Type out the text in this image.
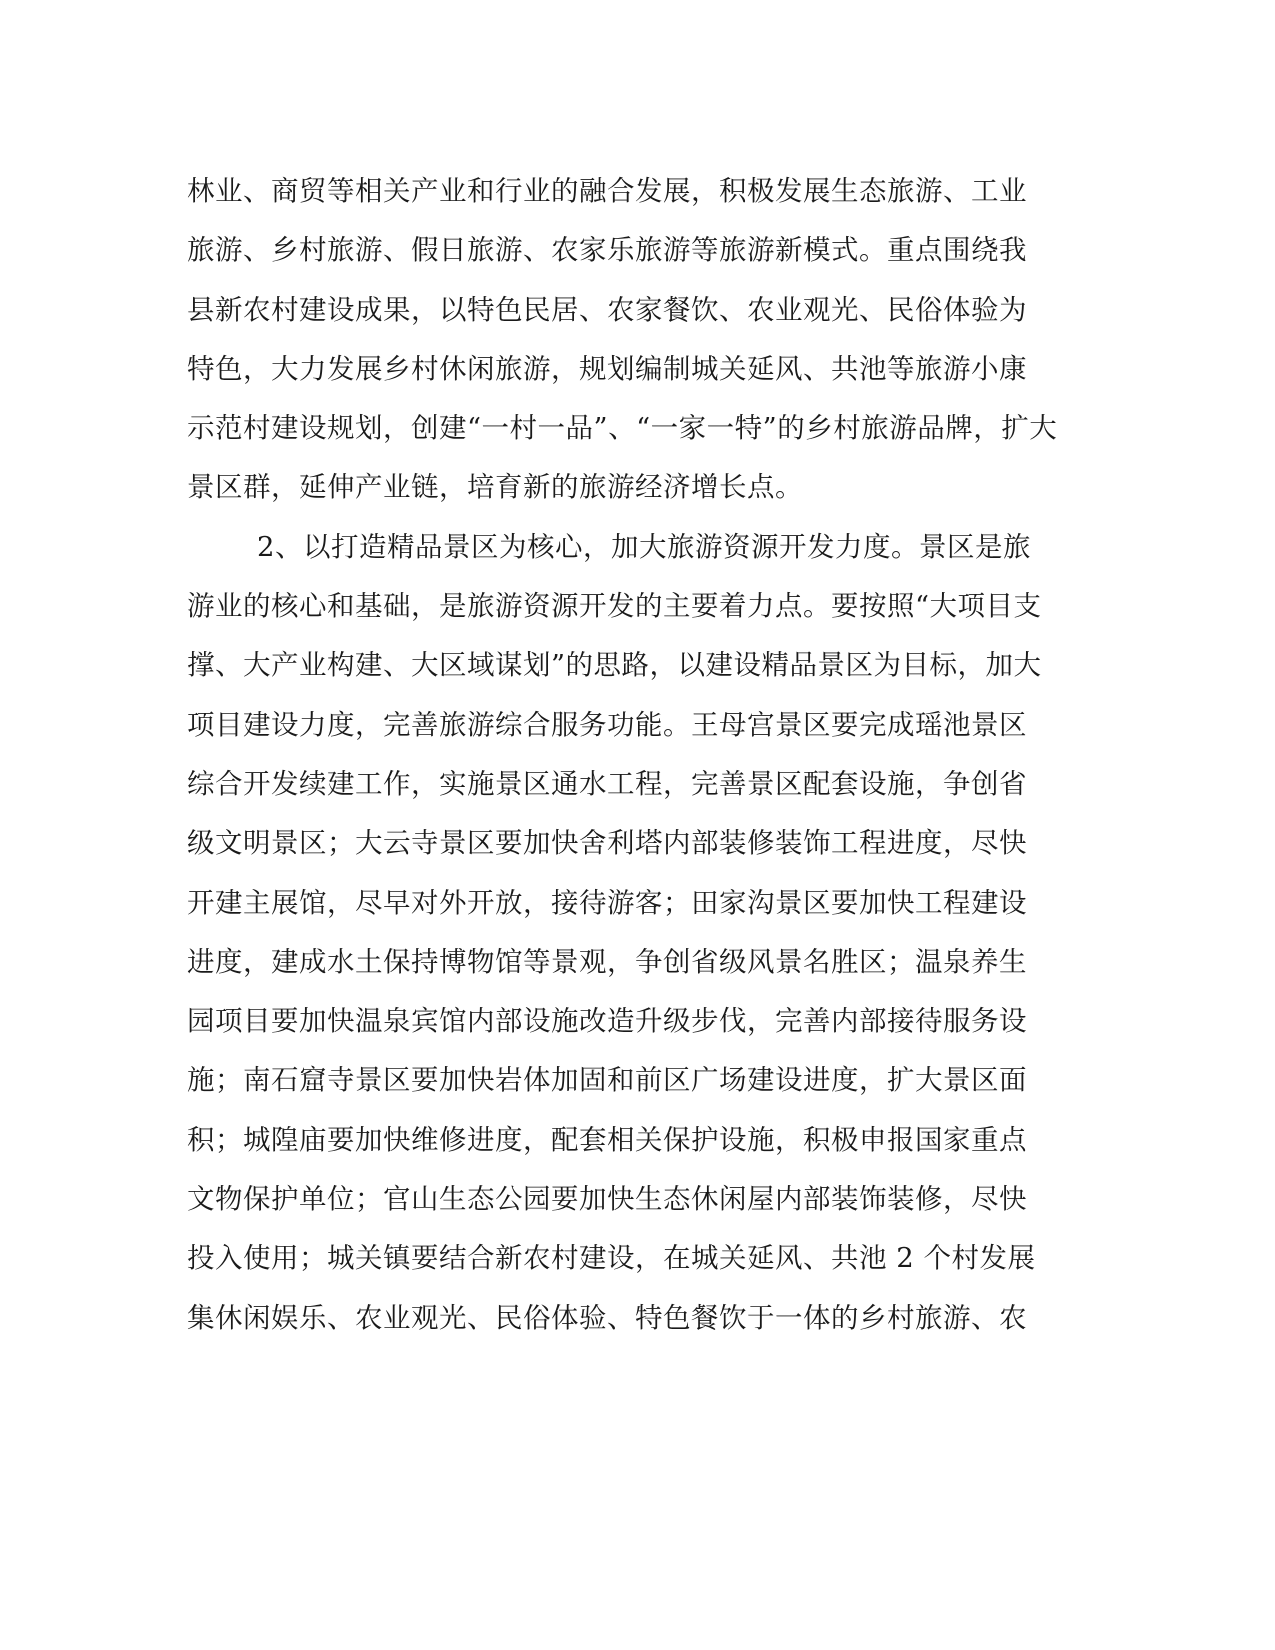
林业、商贸等相关产业和行业的融合发展，积极发展生态旅游、工业
旅游、乡村旅游、假日旅游、农家乐旅游等旅游新模式。重点围绕我
县新农村建设成果，以特色民居、农家餐饮、农业观光、民俗体验为
特色，大力发展乡村休闲旅游，规划编制城关延风、共池等旅游小康
示范村建设规划，创建“一村一品”、“一家一特”的乡村旅游品牌，扩大
景区群，延伸产业链，培育新的旅游经济增长点。
2、以打造精品景区为核心，加大旅游资源开发力度。景区是旅
游业的核心和基础，是旅游资源开发的主要着力点。要按照“大项目支
撑、大产业构建、大区域谋划”的思路，以建设精品景区为目标，加大
项目建设力度，完善旅游综合服务功能。王母宫景区要完成瑶池景区
综合开发续建工作，实施景区通水工程，完善景区配套设施，争创省
级文明景区；大云寺景区要加快舍利塔内部装修装饰工程进度，尽快
开建主展馆，尽早对外开放，接待游客；田家沟景区要加快工程建设
进度，建成水土保持博物馆等景观，争创省级风景名胜区；温泉养生
园项目要加快温泉宾馆内部设施改造升级步伐，完善内部接待服务设
施；南石窟寺景区要加快岩体加固和前区广场建设进度，扩大景区面
积；城隍庙要加快维修进度，配套相关保护设施，积极申报国家重点
文物保护单位；官山生态公园要加快生态休闲屋内部装饰装修，尽快
投入使用；城关镇要结合新农村建设，在城关延风、共池 2 个村发展
集休闲娱乐、农业观光、民俗体验、特色餐饮于一体的乡村旅游、农
